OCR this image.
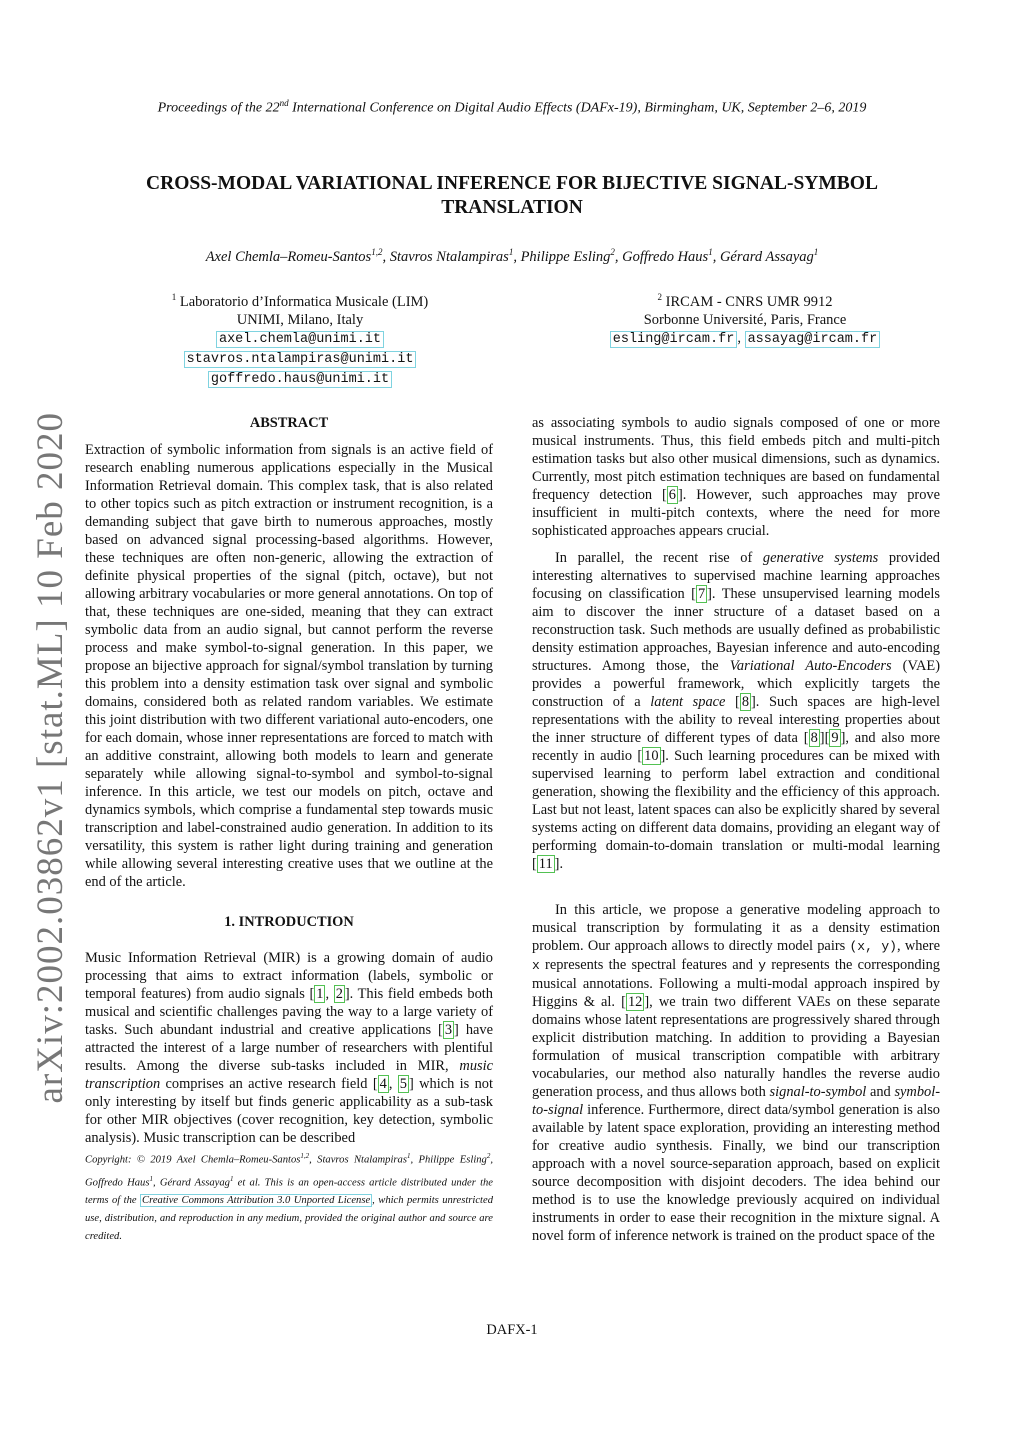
arXiv:2002.03862v1 [stat.ML] 10 Feb 2020
Proceedings of the 22nd International Conference on Digital Audio Effects (DAFx-19), Birmingham, UK, September 2–6, 2019
CROSS-MODAL VARIATIONAL INFERENCE FOR BIJECTIVE SIGNAL-SYMBOL
TRANSLATION
Axel Chemla–Romeu-Santos$^{1,2}$, Stavros Ntalampiras$^1$, Philippe Esling$^2$, Goffredo Haus$^1$, Gérard Assayag$^1$
$^1$ Laboratorio d’Informatica Musicale (LIM)
UNIMI, Milano, Italy
axel.chemla@unimi.it
stavros.ntalampiras@unimi.it
goffredo.haus@unimi.it
$^2$ IRCAM - CNRS UMR 9912
Sorbonne Université, Paris, France
esling@ircam.fr , assayag@ircam.fr
ABSTRACT

Extraction of symbolic information from signals is an active field of research enabling numerous applications especially in the Musical Information Retrieval domain. This complex task, that is also related to other topics such as pitch extraction or instrument recognition, is a demanding subject that gave birth to numerous approaches, mostly based on advanced signal processing-based algorithms. However, these techniques are often non-generic, allowing the extraction of definite physical properties of the signal (pitch, octave), but not allowing arbitrary vocabularies or more general annotations. On top of that, these techniques are one-sided, meaning that they can extract symbolic data from an audio signal, but cannot perform the reverse process and make symbol-to-signal generation. In this paper, we propose an bijective approach for signal/symbol translation by turning this problem into a density estimation task over signal and symbolic domains, considered both as related random variables. We estimate this joint distribution with two different variational auto-encoders, one for each domain, whose inner representations are forced to match with an additive constraint, allowing both models to learn and generate separately while allowing signal-to-symbol and symbol-to-signal inference. In this article, we test our models on pitch, octave and dynamics symbols, which comprise a fundamental step towards music transcription and label-constrained audio generation. In addition to its versatility, this system is rather light during training and generation while allowing several interesting creative uses that we outline at the end of the article.

1. INTRODUCTION

Music Information Retrieval (MIR) is a growing domain of audio processing that aims to extract information (labels, symbolic or temporal features) from audio signals [ 1 , 2 ]. This field embeds both musical and scientific challenges paving the way to a large variety of tasks. Such abundant industrial and creative applications [ 3 ] have attracted the interest of a large number of researchers with plentiful results. Among the diverse sub-tasks included in MIR, music transcription comprises an active research field [ 4 , 5 ] which is not only interesting by itself but finds generic applicability as a sub-task for other MIR objectives (cover recognition, key detection, symbolic analysis). Music transcription can be described

Copyright: © 2019 Axel Chemla–Romeu-Santos$^{1,2}$, Stavros Ntalampiras$^1$, Philippe Esling$^2$, Goffredo Haus$^1$, Gérard Assayag$^1$ et al. This is an open-access article distributed under the terms of the Creative Commons Attribution 3.0 Unported License , which permits unrestricted use, distribution, and reproduction in any medium, provided the original author and source are credited.

as associating symbols to audio signals composed of one or more musical instruments. Thus, this field embeds pitch and multi-pitch estimation tasks but also other musical dimensions, such as dynamics. Currently, most pitch estimation techniques are based on fundamental frequency detection [ 6 ]. However, such approaches may prove insufficient in multi-pitch contexts, where the need for more sophisticated approaches appears crucial.

In parallel, the recent rise of generative systems provided interesting alternatives to supervised machine learning approaches focusing on classification [ 7 ]. These unsupervised learning models aim to discover the inner structure of a dataset based on a reconstruction task. Such methods are usually defined as probabilistic density estimation approaches, Bayesian inference and auto-encoding structures. Among those, the Variational Auto-Encoders (VAE) provides a powerful framework, which explicitly targets the construction of a latent space [ 8 ]. Such spaces are high-level representations with the ability to reveal interesting properties about the inner structure of different types of data [ 8 ][ 9 ], and also more recently in audio [ 10 ]. Such learning procedures can be mixed with supervised learning to perform label extraction and conditional generation, showing the flexibility and the efficiency of this approach. Last but not least, latent spaces can also be explicitly shared by several systems acting on different data domains, providing an elegant way of performing domain-to-domain translation or multi-modal learning [ 11 ].

In this article, we propose a generative modeling approach to musical transcription by formulating it as a density estimation problem. Our approach allows to directly model pairs (x, y), where x represents the spectral features and y represents the corresponding musical annotations. Following a multi-modal approach inspired by Higgins & al. [ 12 ], we train two different VAEs on these separate domains whose latent representations are progressively shared through explicit distribution matching. In addition to providing a Bayesian formulation of musical transcription compatible with arbitrary vocabularies, our method also naturally handles the reverse audio generation process, and thus allows both signal-to-symbol and symbol-to-signal inference. Furthermore, direct data/symbol generation is also available by latent space exploration, providing an interesting method for creative audio synthesis. Finally, we bind our transcription approach with a novel source-separation approach, based on explicit source decomposition with disjoint decoders. The idea behind our method is to use the knowledge previously acquired on individual instruments in order to ease their recognition in the mixture signal. A novel form of inference network is trained on the product space of the

DAFX-1
